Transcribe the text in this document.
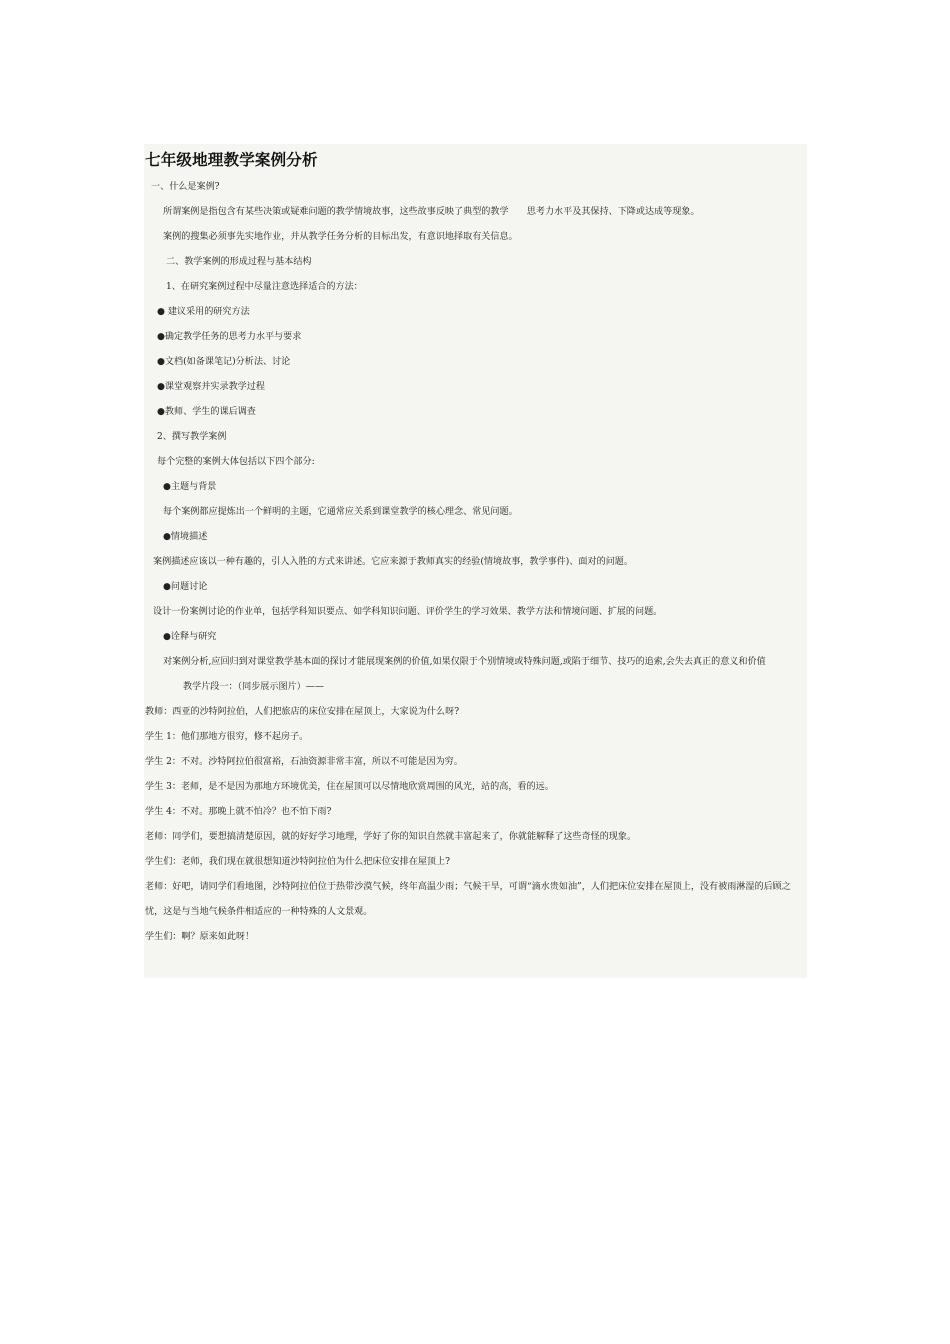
七年级地理教学案例分析
一、什么是案例?
所谓案例是指包含有某些决策或疑难问题的教学情境故事，这些故事反映了典型的教学　　思考力水平及其保持、下降或达成等现象。
案例的搜集必须事先实地作业，并从教学任务分析的目标出发，有意识地择取有关信息。
二、教学案例的形成过程与基本结构
1、在研究案例过程中尽量注意选择适合的方法：
● 建议采用的研究方法
●确定教学任务的思考力水平与要求
●文档(如备课笔记)分析法、讨论
●课堂观察并实录教学过程
●教师、学生的课后调查
2、撰写教学案例
每个完整的案例大体包括以下四个部分:
●主题与背景
每个案例都应提炼出一个鲜明的主题，它通常应关系到课堂教学的核心理念、常见问题。
●情境描述
案例描述应该以一种有趣的，引人入胜的方式来讲述。它应来源于教师真实的经验(情境故事，教学事件)、面对的问题。
●问题讨论
设计一份案例讨论的作业单，包括学科知识要点、如学科知识问题、评价学生的学习效果、教学方法和情境问题、扩展的问题。
●诠释与研究
对案例分析,应回归到对课堂教学基本面的探讨才能展现案例的价值,如果仅限于个别情境或特殊问题,或陷于细节、技巧的追索,会失去真正的意义和价值
教学片段一：（同步展示图片）——
教师：西亚的沙特阿拉伯，人们把旅店的床位安排在屋顶上，大家说为什么呀?
学生 1：他们那地方很穷，修不起房子。
学生 2：不对。沙特阿拉伯很富裕，石油资源非常丰富，所以不可能是因为穷。
学生 3：老师，是不是因为那地方环境优美，住在屋顶可以尽情地欣赏周围的风光，站的高，看的远。
学生 4：不对。那晚上就不怕冷？也不怕下雨?
老师：同学们，要想搞清楚原因，就的好好学习地理，学好了你的知识自然就丰富起来了，你就能解释了这些奇怪的现象。
学生们：老师，我们现在就很想知道沙特阿拉伯为什么把床位安排在屋顶上?
老师：好吧，请同学们看地图，沙特阿拉伯位于热带沙漠气候，终年高温少雨；气候干旱，可谓“滴水贵如油”，人们把床位安排在屋顶上，没有被雨淋湿的后顾之
忧，这是与当地气候条件相适应的一种特殊的人文景观。
学生们：啊？原来如此呀！
